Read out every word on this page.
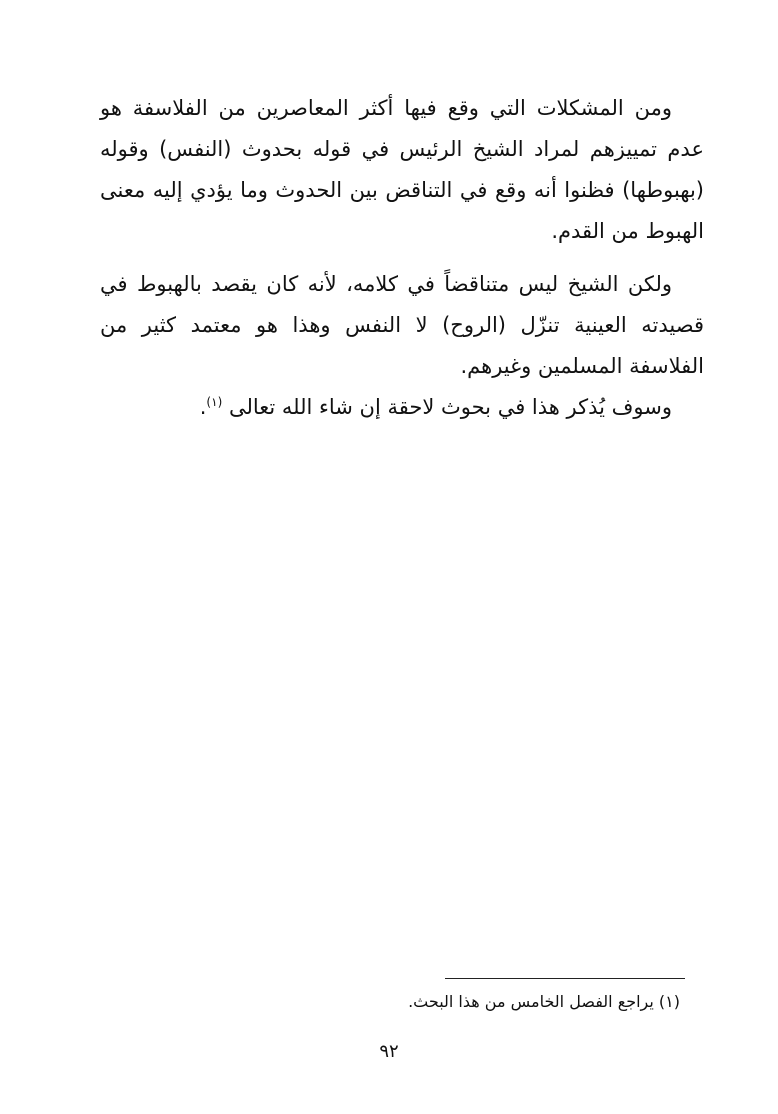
ومن المشكلات التي وقع فيها أكثر المعاصرين من الفلاسفة هو عدم تمييزهم لمراد الشيخ الرئيس في قوله بحدوث (النفس) وقوله (بهبوطها) فظنوا أنه وقع في التناقض بين الحدوث وما يؤدي إليه معنى الهبوط من القدم.

ولكن الشيخ ليس متناقضاً في كلامه، لأنه كان يقصد بالهبوط في قصيدته العينية تنزّل (الروح) لا النفس وهذا هو معتمد كثير من الفلاسفة المسلمين وغيرهم.

وسوف يُذكر هذا في بحوث لاحقة إن شاء الله تعالى $^{(١)}$.

(١) يراجع الفصل الخامس من هذا البحث.
٩٢
